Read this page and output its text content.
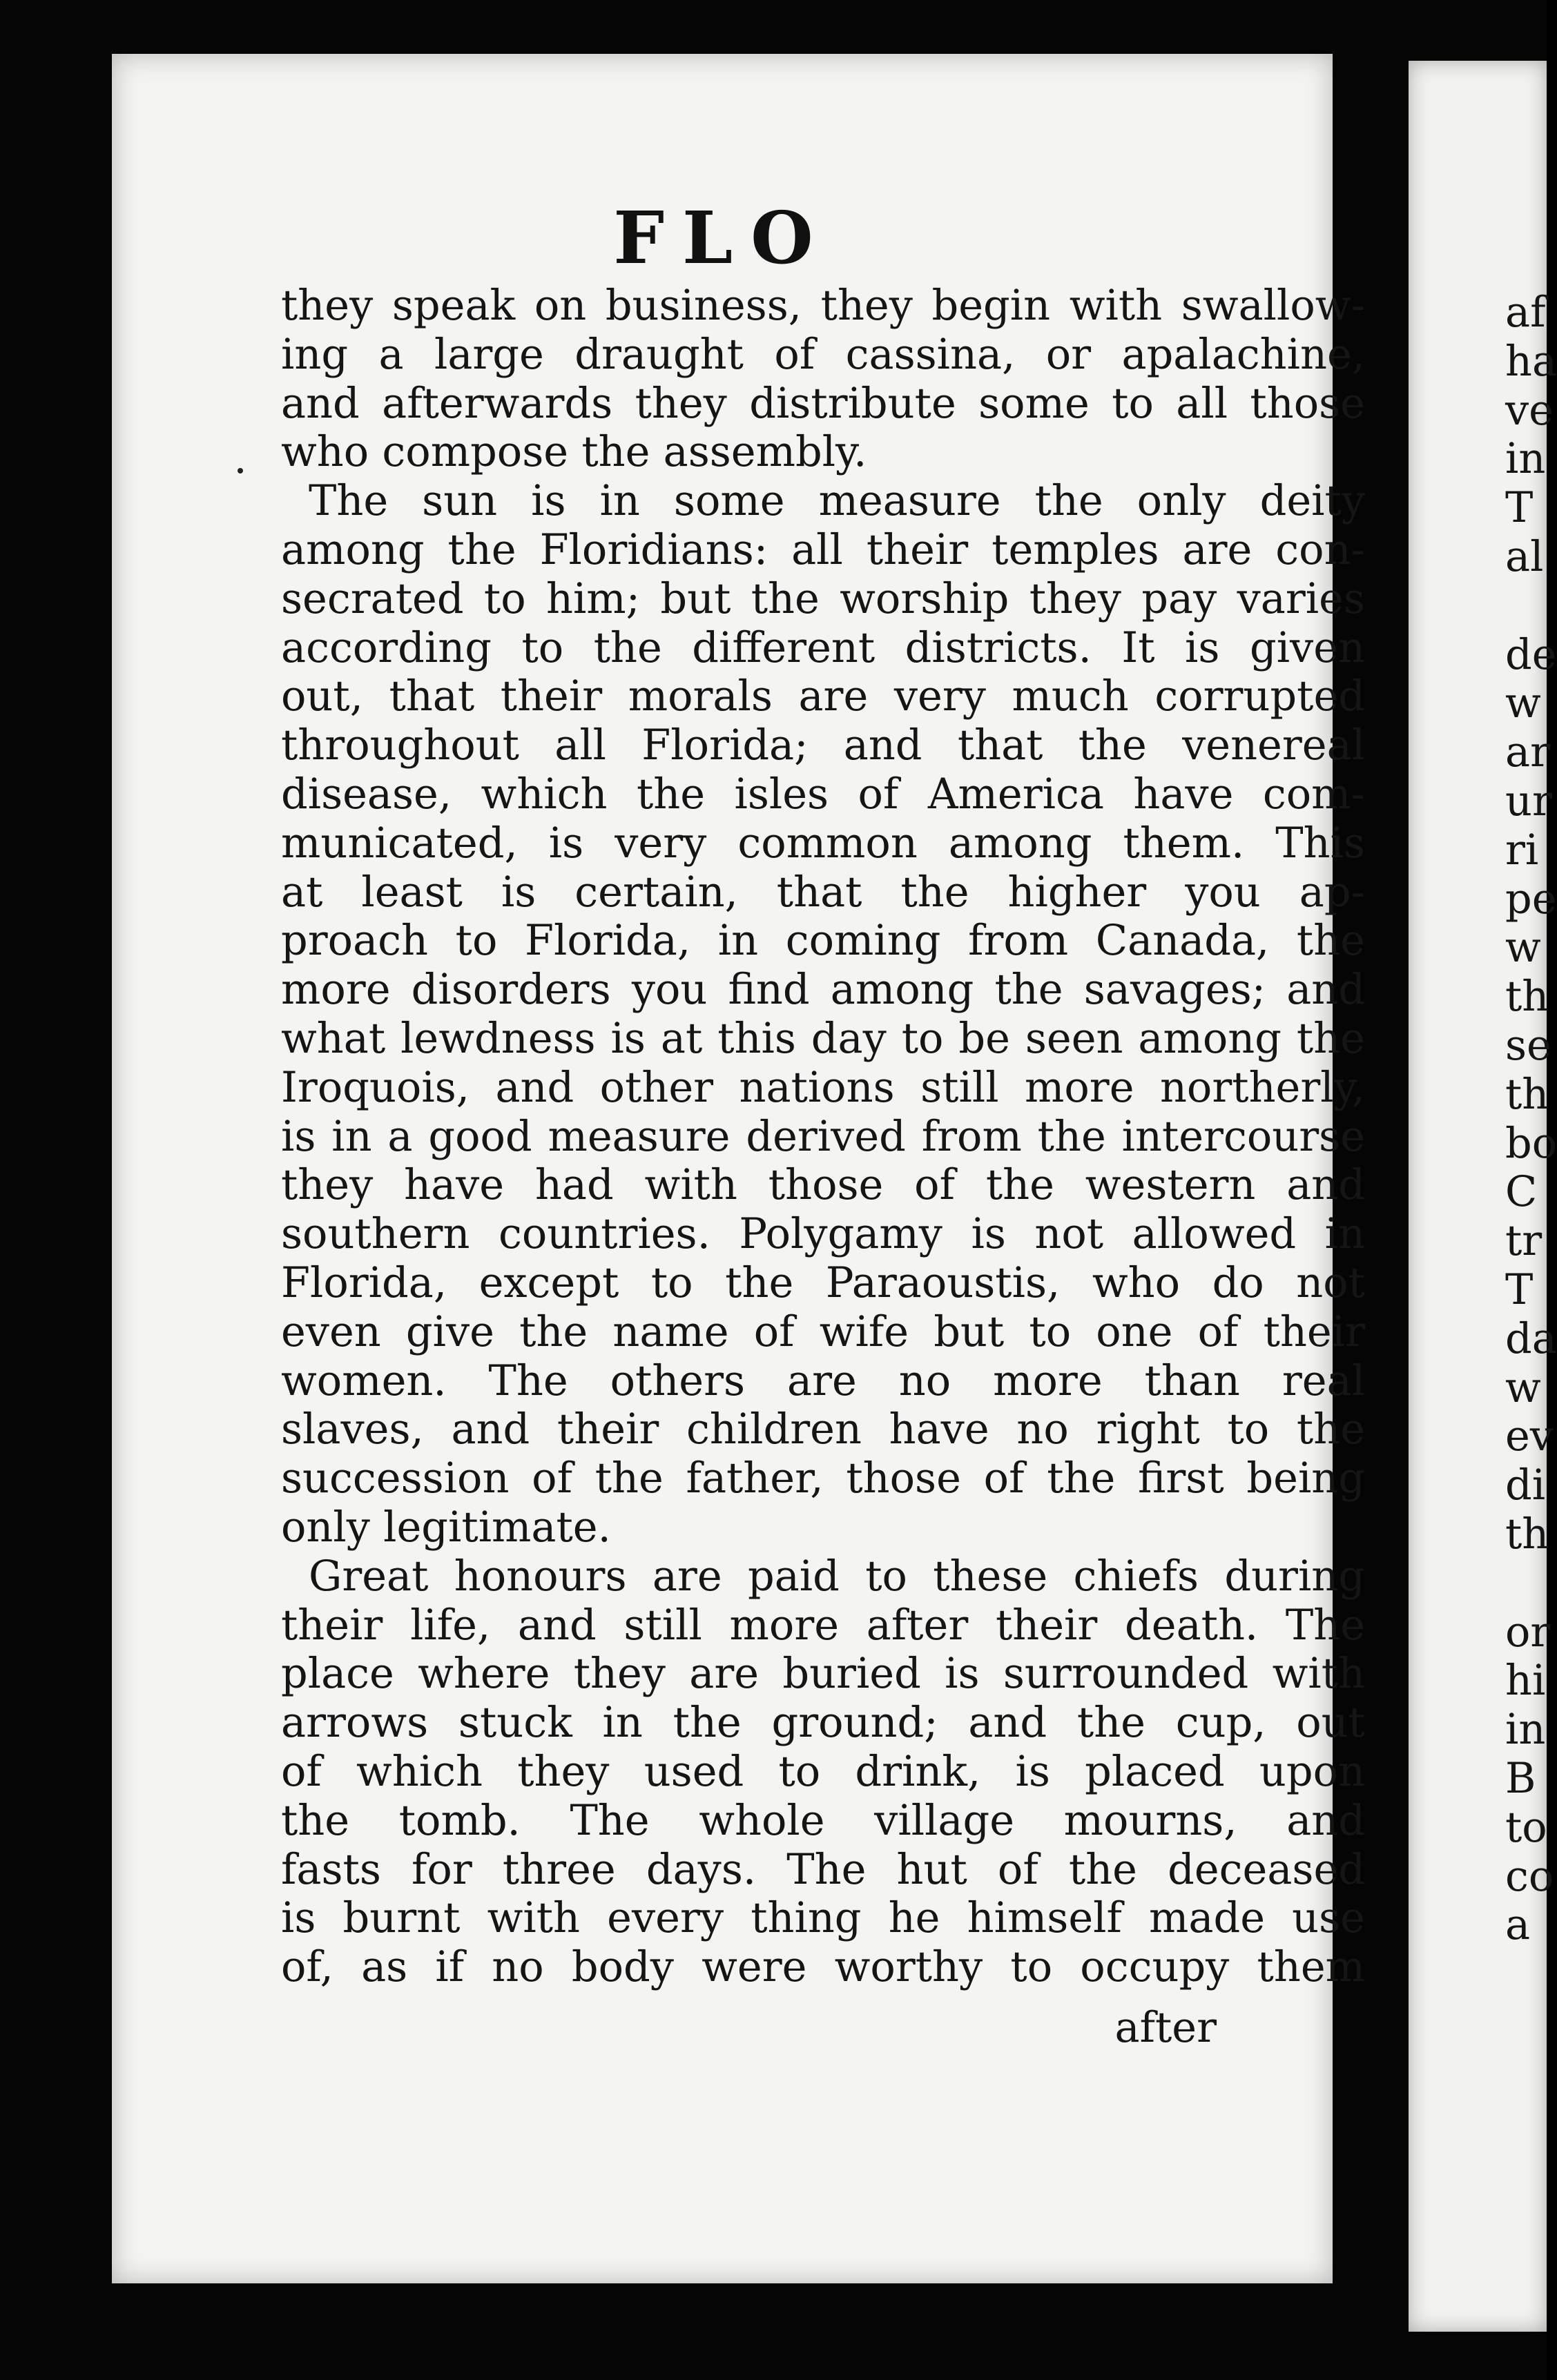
FLO
they speak on business, they begin with swallow-
ing a large draught of cassina, or apalachine,
and afterwards they distribute some to all those
who compose the assembly.
The sun is in some measure the only deity
among the Floridians: all their temples are con-
secrated to him; but the worship they pay varies
according to the different districts. It is given
out, that their morals are very much corrupted
throughout all Florida; and that the venereal
disease, which the isles of America have com-
municated, is very common among them. This
at least is certain, that the higher you ap-
proach to Florida, in coming from Canada, the
more disorders you find among the savages; and
what lewdness is at this day to be seen among the
Iroquois, and other nations still more northerly,
is in a good measure derived from the intercourse
they have had with those of the western and
southern countries. Polygamy is not allowed in
Florida, except to the Paraoustis, who do not
even give the name of wife but to one of their
women. The others are no more than real
slaves, and their children have no right to the
succession of the father, those of the first being
only legitimate.
Great honours are paid to these chiefs during
their life, and still more after their death. The
place where they are buried is surrounded with
arrows stuck in the ground; and the cup, out
of which they used to drink, is placed upon
the tomb. The whole village mourns, and
fasts for three days. The hut of the deceased
is burnt with every thing he himself made use
of, as if no body were worthy to occupy them
after
af
ha
ve
in
T
al
de
w
ar
ur
ri
pe
w
th
se
th
bo
C
tr
T
da
w
ev
di
th
or
hi
in
B
to
co
a
